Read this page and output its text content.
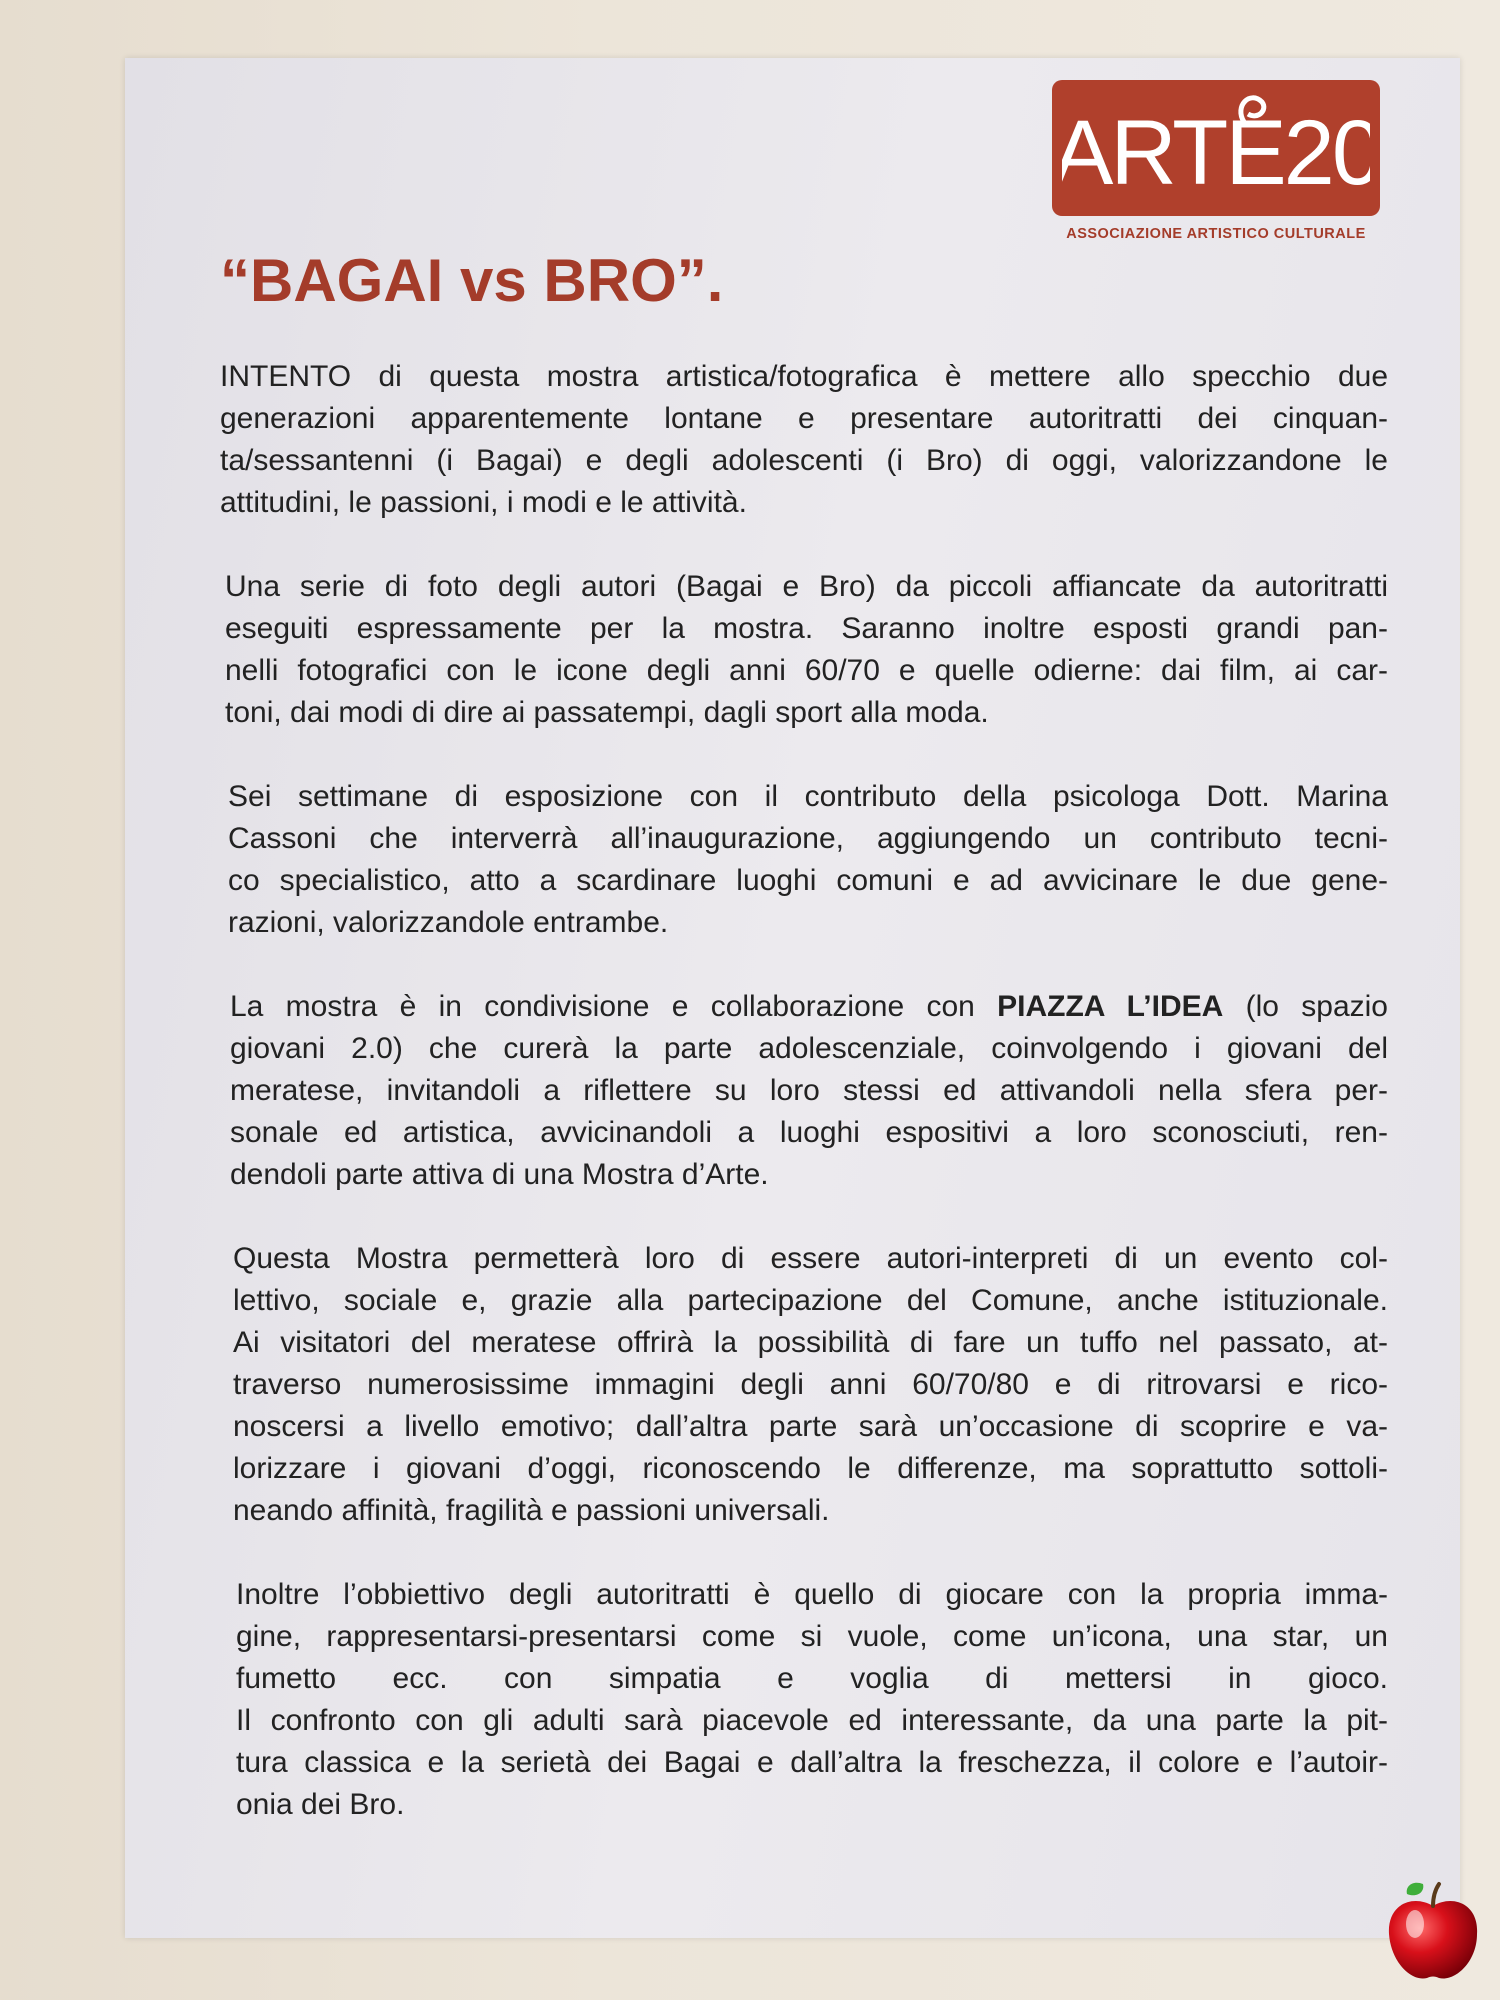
ARTE20
ASSOCIAZIONE ARTISTICO CULTURALE
“BAGAI vs BRO”.
INTENTO di questa mostra artistica/fotografica è mettere allo specchio due
generazioni apparentemente lontane e presentare autoritratti dei cinquan-
ta/sessantenni (i Bagai) e degli adolescenti (i Bro) di oggi, valorizzandone le
attitudini, le passioni, i modi e le attività.
Una serie di foto degli autori (Bagai e Bro) da piccoli affiancate da autoritratti
eseguiti espressamente per la mostra. Saranno inoltre esposti grandi pan-
nelli fotografici con le icone degli anni 60/70 e quelle odierne: dai film, ai car-
toni, dai modi di dire ai passatempi, dagli sport alla moda.
Sei settimane di esposizione con il contributo della psicologa Dott. Marina
Cassoni che interverrà all’inaugurazione, aggiungendo un contributo tecni-
co specialistico, atto a scardinare luoghi comuni e ad avvicinare le due gene-
razioni, valorizzandole entrambe.
La mostra è in condivisione e collaborazione con PIAZZA L’IDEA (lo spazio
giovani 2.0) che curerà la parte adolescenziale, coinvolgendo i giovani del
meratese, invitandoli a riflettere su loro stessi ed attivandoli nella sfera per-
sonale ed artistica, avvicinandoli a luoghi espositivi a loro sconosciuti, ren-
dendoli parte attiva di una Mostra d’Arte.
Questa Mostra permetterà loro di essere autori-interpreti di un evento col-
lettivo, sociale e, grazie alla partecipazione del Comune, anche istituzionale.
Ai visitatori del meratese offrirà la possibilità di fare un tuffo nel passato, at-
traverso numerosissime immagini degli anni 60/70/80 e di ritrovarsi e rico-
noscersi a livello emotivo; dall’altra parte sarà un’occasione di scoprire e va-
lorizzare i giovani d’oggi, riconoscendo le differenze, ma soprattutto sottoli-
neando affinità, fragilità e passioni universali.
Inoltre l’obbiettivo degli autoritratti è quello di giocare con la propria imma-
gine, rappresentarsi-presentarsi come si vuole, come un’icona, una star, un
fumetto ecc. con simpatia e voglia di mettersi in gioco.
Il confronto con gli adulti sarà piacevole ed interessante, da una parte la pit-
tura classica e la serietà dei Bagai e dall’altra la freschezza, il colore e l’autoir-
onia dei Bro.
